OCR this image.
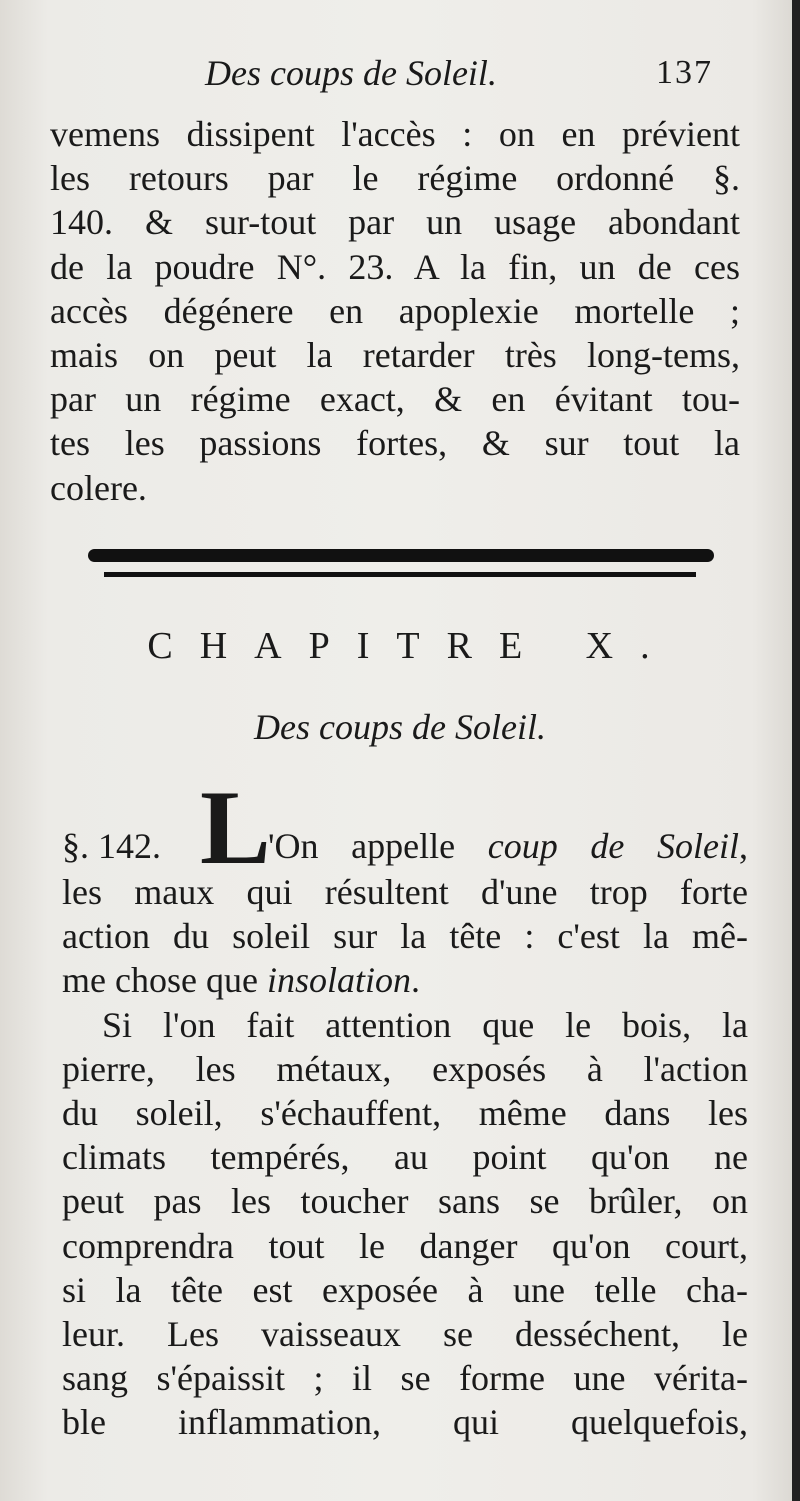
Des coups de Soleil.	137
vemens dissipent l'accès : on en prévient
les retours par le régime ordonné §.
140. & sur-tout par un usage abondant
de la poudre N°. 23. A la fin, un de ces
accès dégénere en apoplexie mortelle ;
mais on peut la retarder très long-tems,
par un régime exact, & en évitant tou-
tes les passions fortes, & sur tout la
colere.
CHAPITRE X.
Des coups de Soleil.
§. 142. L
'On appelle coup de Soleil,
les maux qui résultent d'une trop forte
action du soleil sur la tête : c'est la mê-
me chose que insolation.
Si l'on fait attention que le bois, la
pierre, les métaux, exposés à l'action
du soleil, s'échauffent, même dans les
climats tempérés, au point qu'on ne
peut pas les toucher sans se brûler, on
comprendra tout le danger qu'on court,
si la tête est exposée à une telle cha-
leur. Les vaisseaux se desséchent, le
sang s'épaissit ; il se forme une vérita-
ble inflammation, qui quelquefois,
